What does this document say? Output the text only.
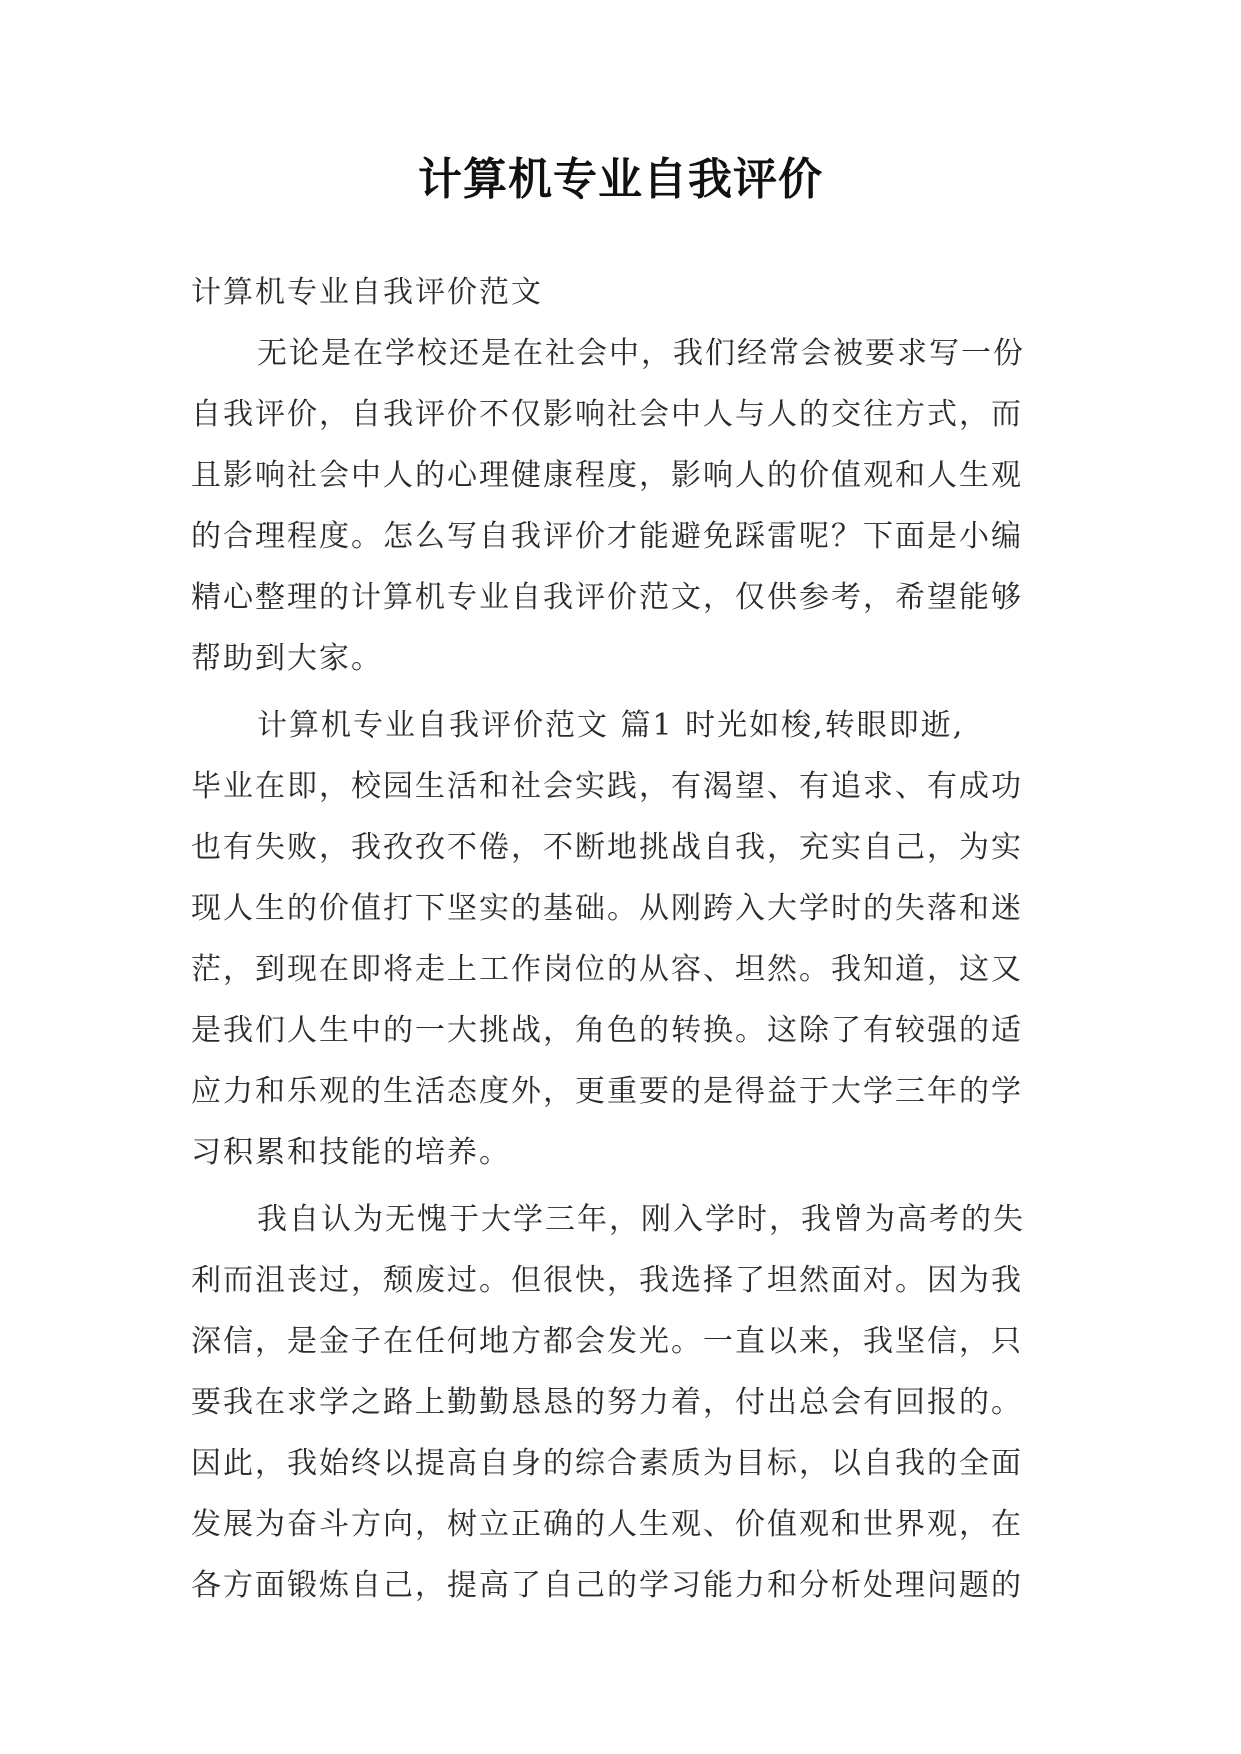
计算机专业自我评价
计算机专业自我评价范文
无论是在学校还是在社会中，我们经常会被要求写一份
自我评价，自我评价不仅影响社会中人与人的交往方式，而
且影响社会中人的心理健康程度，影响人的价值观和人生观
的合理程度。怎么写自我评价才能避免踩雷呢？下面是小编
精心整理的计算机专业自我评价范文，仅供参考，希望能够
帮助到大家。
计算机专业自我评价范文 篇1 时光如梭,转眼即逝,
毕业在即，校园生活和社会实践，有渴望、有追求、有成功
也有失败，我孜孜不倦，不断地挑战自我，充实自己，为实
现人生的价值打下坚实的基础。从刚跨入大学时的失落和迷
茫，到现在即将走上工作岗位的从容、坦然。我知道，这又
是我们人生中的一大挑战，角色的转换。这除了有较强的适
应力和乐观的生活态度外，更重要的是得益于大学三年的学
习积累和技能的培养。
我自认为无愧于大学三年，刚入学时，我曾为高考的失
利而沮丧过，颓废过。但很快，我选择了坦然面对。因为我
深信，是金子在任何地方都会发光。一直以来，我坚信，只
要我在求学之路上勤勤恳恳的努力着，付出总会有回报的。
因此，我始终以提高自身的综合素质为目标，以自我的全面
发展为奋斗方向，树立正确的人生观、价值观和世界观，在
各方面锻炼自己，提高了自己的学习能力和分析处理问题的
